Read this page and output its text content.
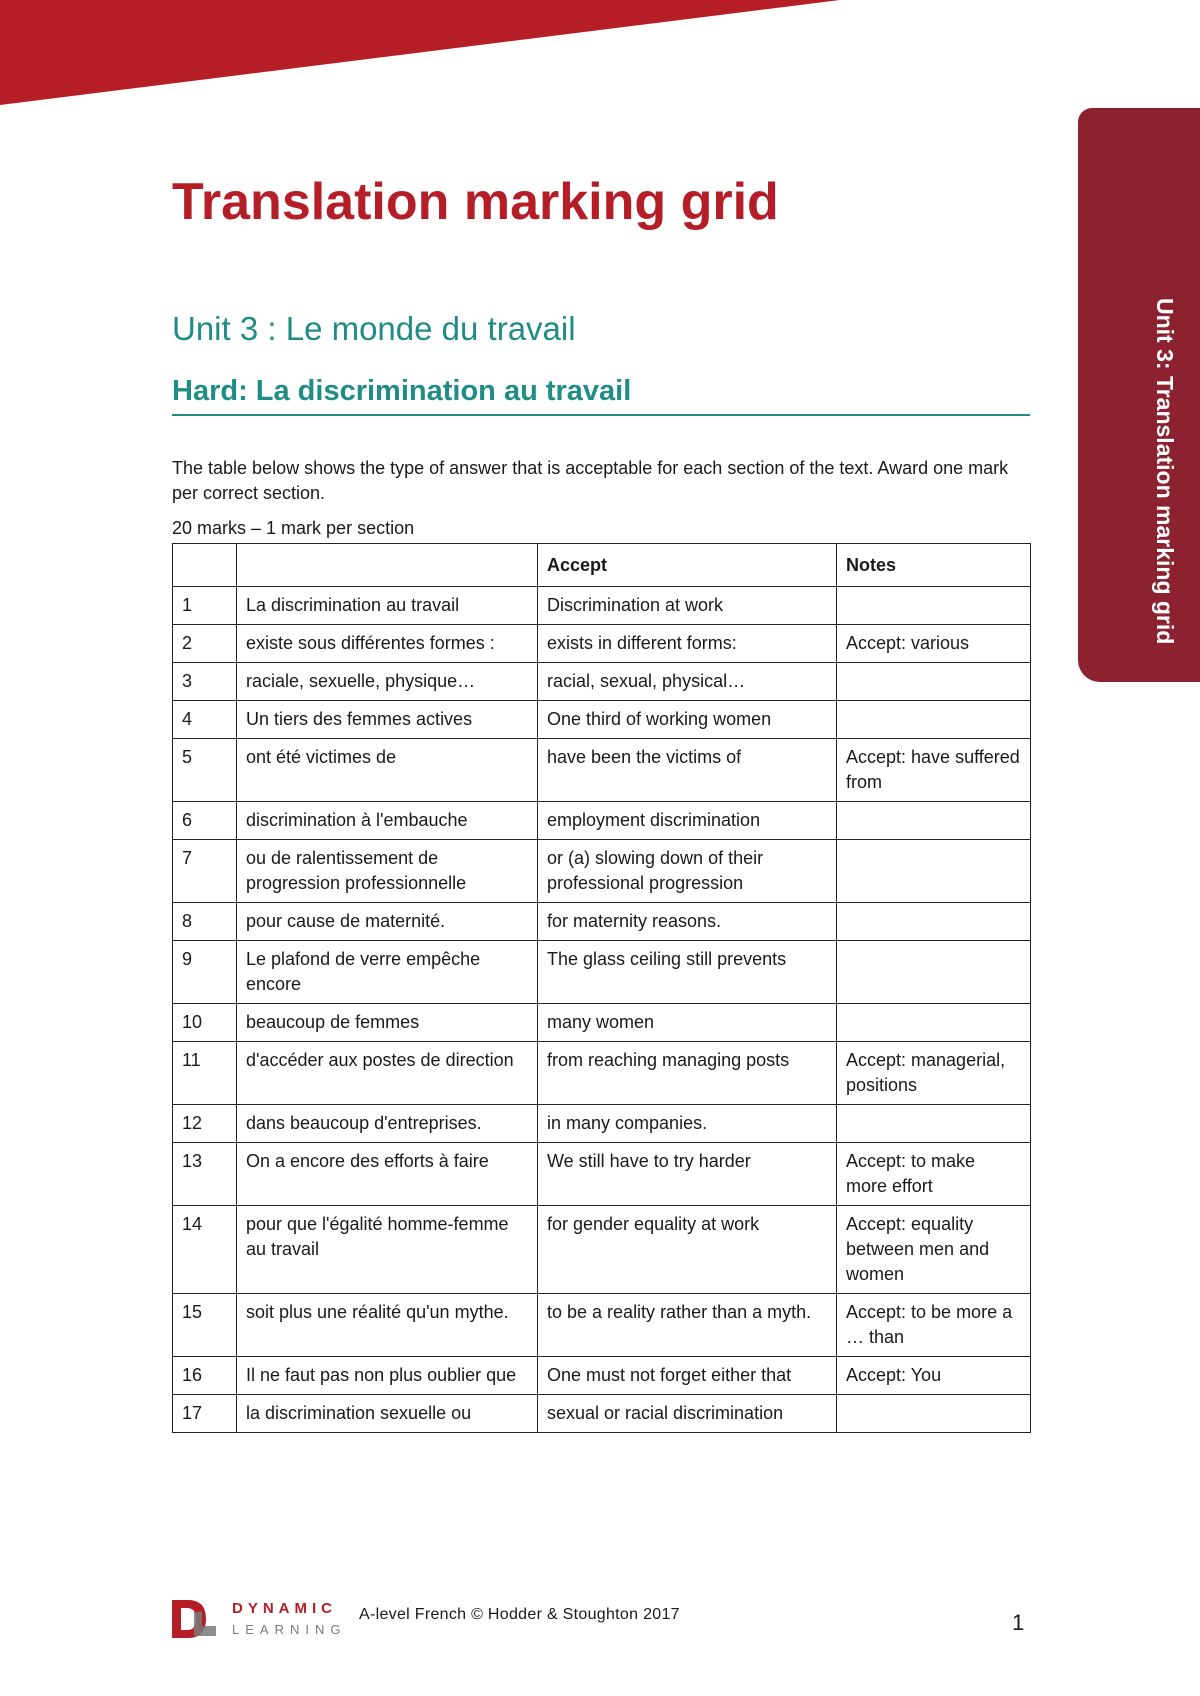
Unit 3: Translation marking grid
Translation marking grid
Unit 3 : Le monde du travail
Hard: La discrimination au travail

The table below shows the type of answer that is acceptable for each section of the text. Award one mark per correct section.

20 marks – 1 mark per section

		Accept	Notes
1	La discrimination au travail	Discrimination at work	
2	existe sous différentes formes :	exists in different forms:	Accept: various
3	raciale, sexuelle, physique…	racial, sexual, physical…	
4	Un tiers des femmes actives	One third of working women	
5	ont été victimes de	have been the victims of	Accept: have suffered from
6	discrimination à l'embauche	employment discrimination	
7	ou de ralentissement de progression professionnelle	or (a) slowing down of their professional progression	
8	pour cause de maternité.	for maternity reasons.	
9	Le plafond de verre empêche encore	The glass ceiling still prevents	
10	beaucoup de femmes	many women	
11	d'accéder aux postes de direction	from reaching managing posts	Accept: managerial, positions
12	dans beaucoup d'entreprises.	in many companies.	
13	On a encore des efforts à faire	We still have to try harder	Accept: to make more effort
14	pour que l'égalité homme-femme au travail	for gender equality at work	Accept: equality between men and women
15	soit plus une réalité qu'un mythe.	to be a reality rather than a myth.	Accept: to be more a … than
16	Il ne faut pas non plus oublier que	One must not forget either that	Accept: You
17	la discrimination sexuelle ou	sexual or racial discrimination	
DYNAMIC
LEARNING

A-level French © Hodder & Stoughton 2017	1
